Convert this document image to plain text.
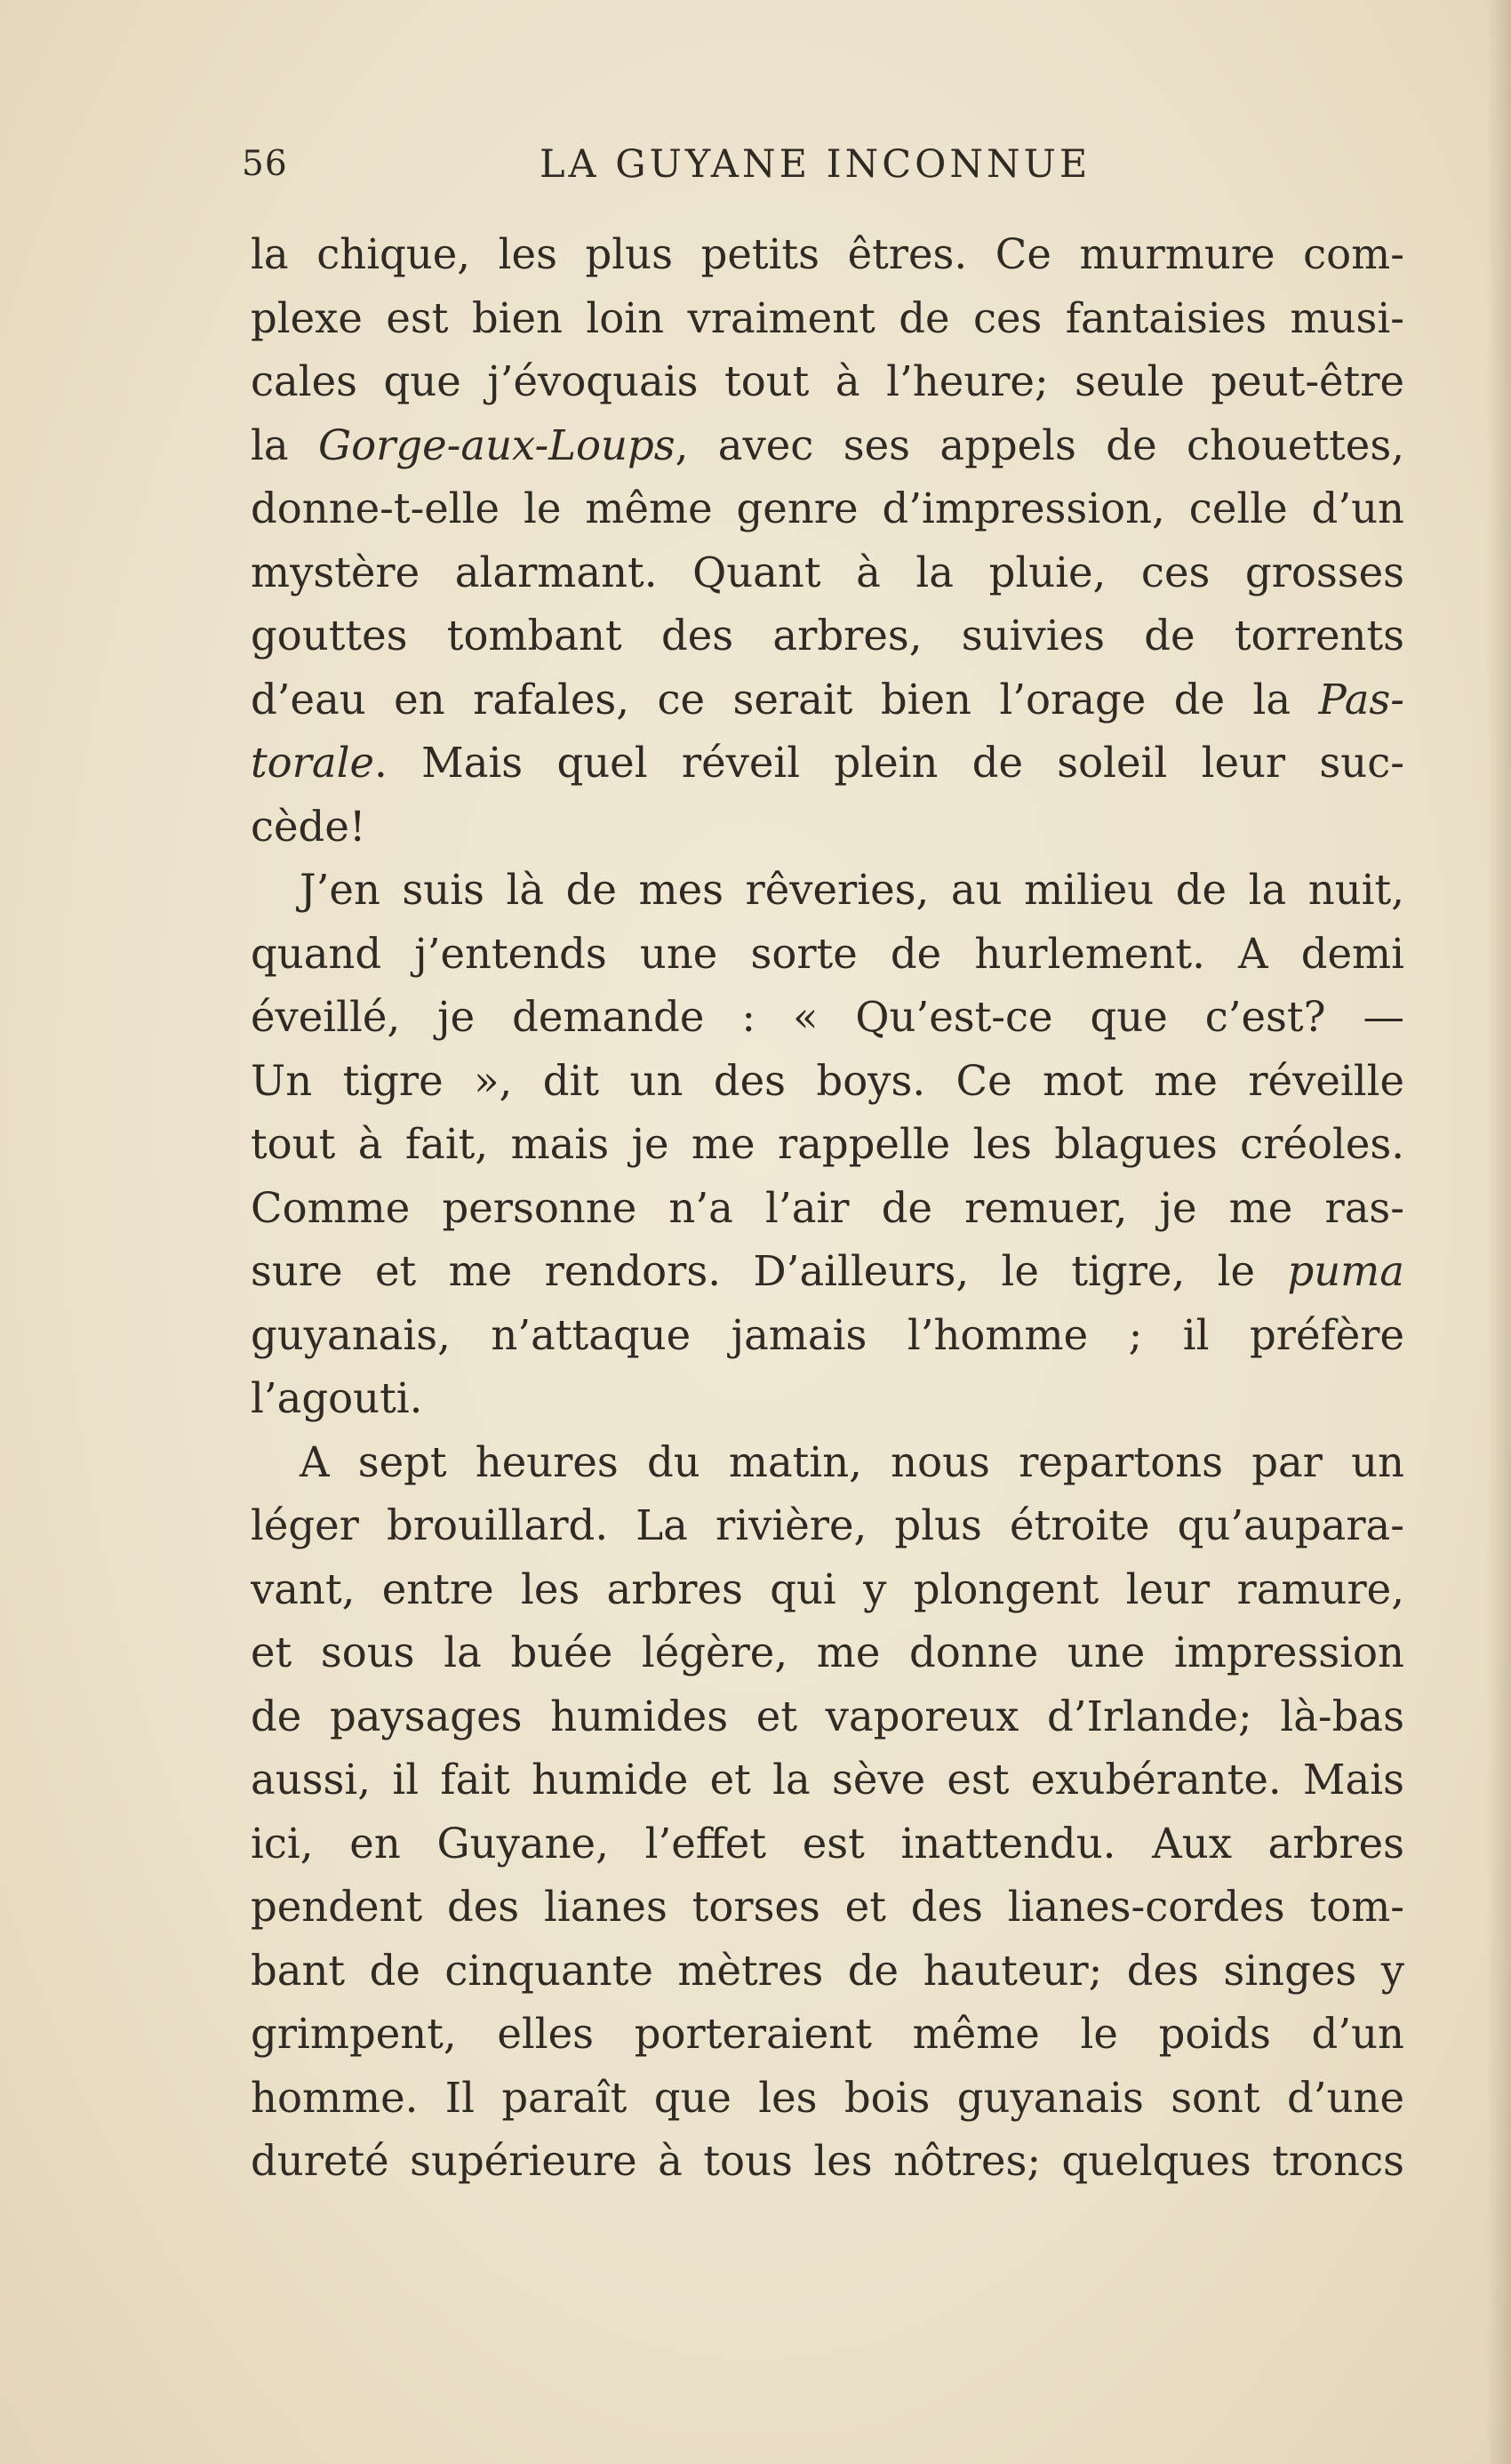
56	LA GUYANE INCONNUE
la chique, les plus petits êtres. Ce murmure com-
plexe est bien loin vraiment de ces fantaisies musi-
cales que j’évoquais tout à l’heure; seule peut-être
la Gorge-aux-Loups, avec ses appels de chouettes,
donne-t-elle le même genre d’impression, celle d’un
mystère alarmant. Quant à la pluie, ces grosses
gouttes tombant des arbres, suivies de torrents
d’eau en rafales, ce serait bien l’orage de la Pas-
torale. Mais quel réveil plein de soleil leur suc-
cède!
J’en suis là de mes rêveries, au milieu de la nuit,
quand j’entends une sorte de hurlement. A demi
éveillé, je demande : « Qu’est-ce que c’est? —
Un tigre », dit un des boys. Ce mot me réveille
tout à fait, mais je me rappelle les blagues créoles.
Comme personne n’a l’air de remuer, je me ras-
sure et me rendors. D’ailleurs, le tigre, le puma
guyanais, n’attaque jamais l’homme ; il préfère
l’agouti.
A sept heures du matin, nous repartons par un
léger brouillard. La rivière, plus étroite qu’aupara-
vant, entre les arbres qui y plongent leur ramure,
et sous la buée légère, me donne une impression
de paysages humides et vaporeux d’Irlande; là-bas
aussi, il fait humide et la sève est exubérante. Mais
ici, en Guyane, l’effet est inattendu. Aux arbres
pendent des lianes torses et des lianes-cordes tom-
bant de cinquante mètres de hauteur; des singes y
grimpent, elles porteraient même le poids d’un
homme. Il paraît que les bois guyanais sont d’une
dureté supérieure à tous les nôtres; quelques troncs
